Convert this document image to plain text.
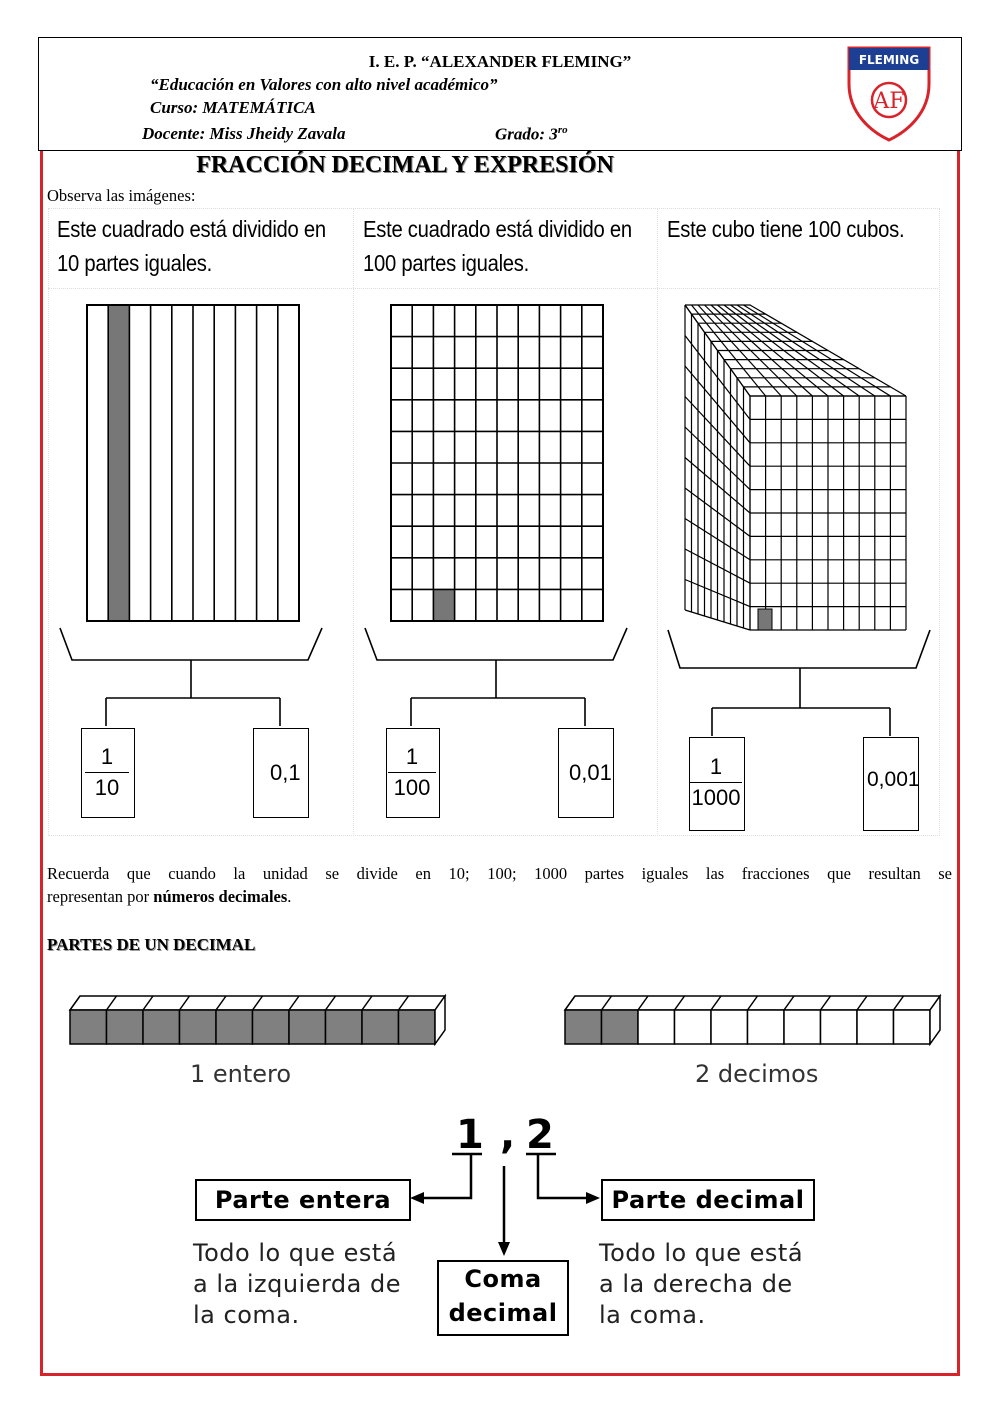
I. E. P. “ALEXANDER FLEMING”
“Educación en Valores con alto nivel académico”
Curso: MATEMÁTICA
Docente: Miss Jheidy Zavala	Grado: $3^{ro}$
FLEMING
AF
FRACCIÓN DECIMAL Y EXPRESIÓN
Observa las imágenes:
Este cuadrado está dividido en
10 partes iguales.
Este cuadrado está dividido en
100 partes iguales.
Este cubo tiene 100 cubos.
1
10
0,1
1
100
0,01	1
1000
0,001
Recuerda que cuando la unidad se divide en 10; 100; 1000 partes iguales las fracciones que resultan se
representan por números decimales.
PARTES DE UN DECIMAL
1 entero	2 decimos
1 , 2
Parte entera	Parte decimal
Coma
decimal
Todo lo que está
a la izquierda de
la coma.
Todo lo que está
a la derecha de
la coma.
